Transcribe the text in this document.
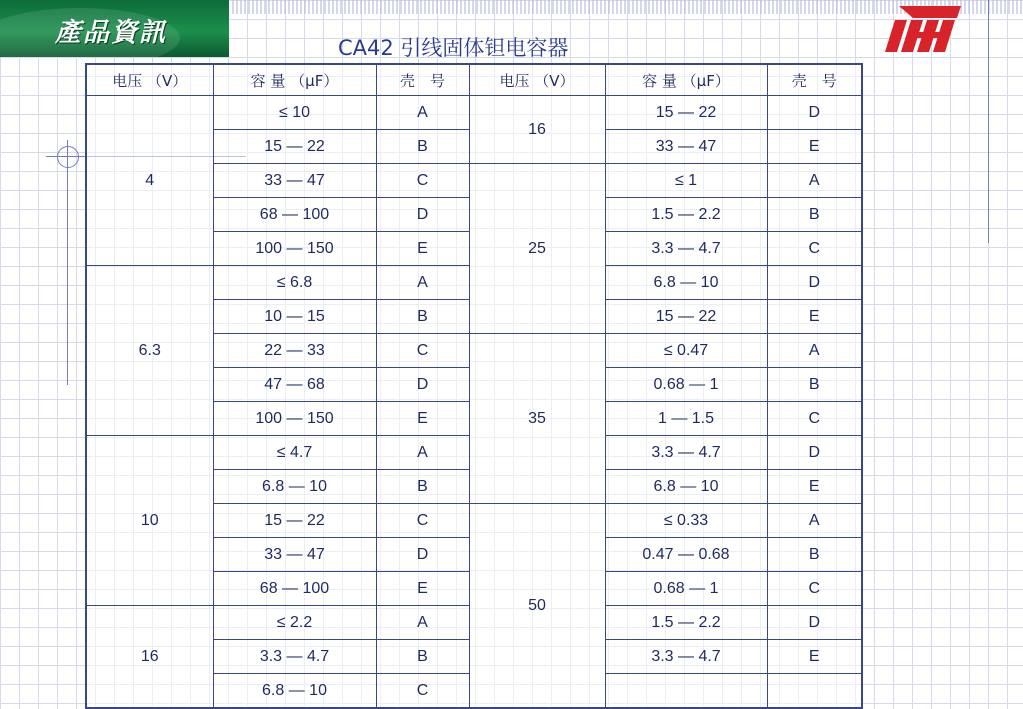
產品資訊	CA42 引线固体钽电容器
电压 （V）	容 量 （μF）	壳　号	电压 （V）	容 量 （μF）	壳　号
4	≤ 10	A	16	15 — 22	D
	15 — 22	B		33 — 47	E
	33 — 47	C	25	≤ 1	A
	68 — 100	D		1.5 — 2.2	B
	100 — 150	E		3.3 — 4.7	C
6.3	≤ 6.8	A		6.8 — 10	D
	10 — 15	B		15 — 22	E
	22 — 33	C	35	≤ 0.47	A
	47 — 68	D		0.68 — 1	B
	100 — 150	E		1 — 1.5	C
10	≤ 4.7	A		3.3 — 4.7	D
	6.8 — 10	B		6.8 — 10	E
	15 — 22	C	50	≤ 0.33	A
	33 — 47	D		0.47 — 0.68	B
	68 — 100	E		0.68 — 1	C
16	≤ 2.2	A		1.5 — 2.2	D
	3.3 — 4.7	B		3.3 — 4.7	E
	6.8 — 10	C			
